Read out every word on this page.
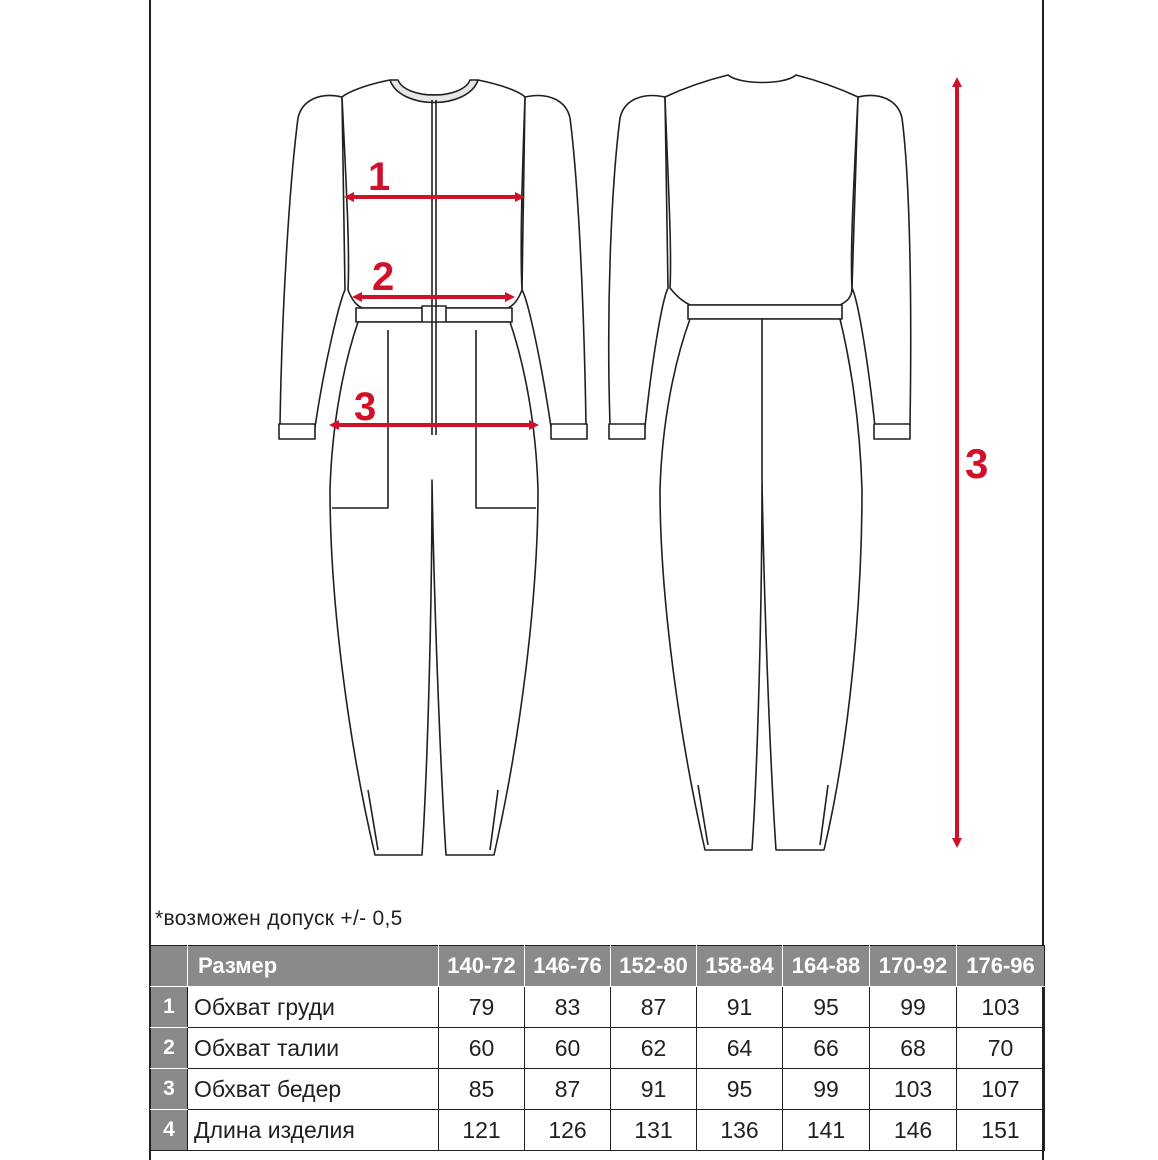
1
2
3
3
*возможен допуск +/- 0,5
	Размер	140-72	146-76	152-80	158-84	164-88	170-92	176-96
1	Обхват груди	79	83	87	91	95	99	103
2	Обхват талии	60	60	62	64	66	68	70
3	Обхват бедер	85	87	91	95	99	103	107
4	Длина изделия	121	126	131	136	141	146	151
